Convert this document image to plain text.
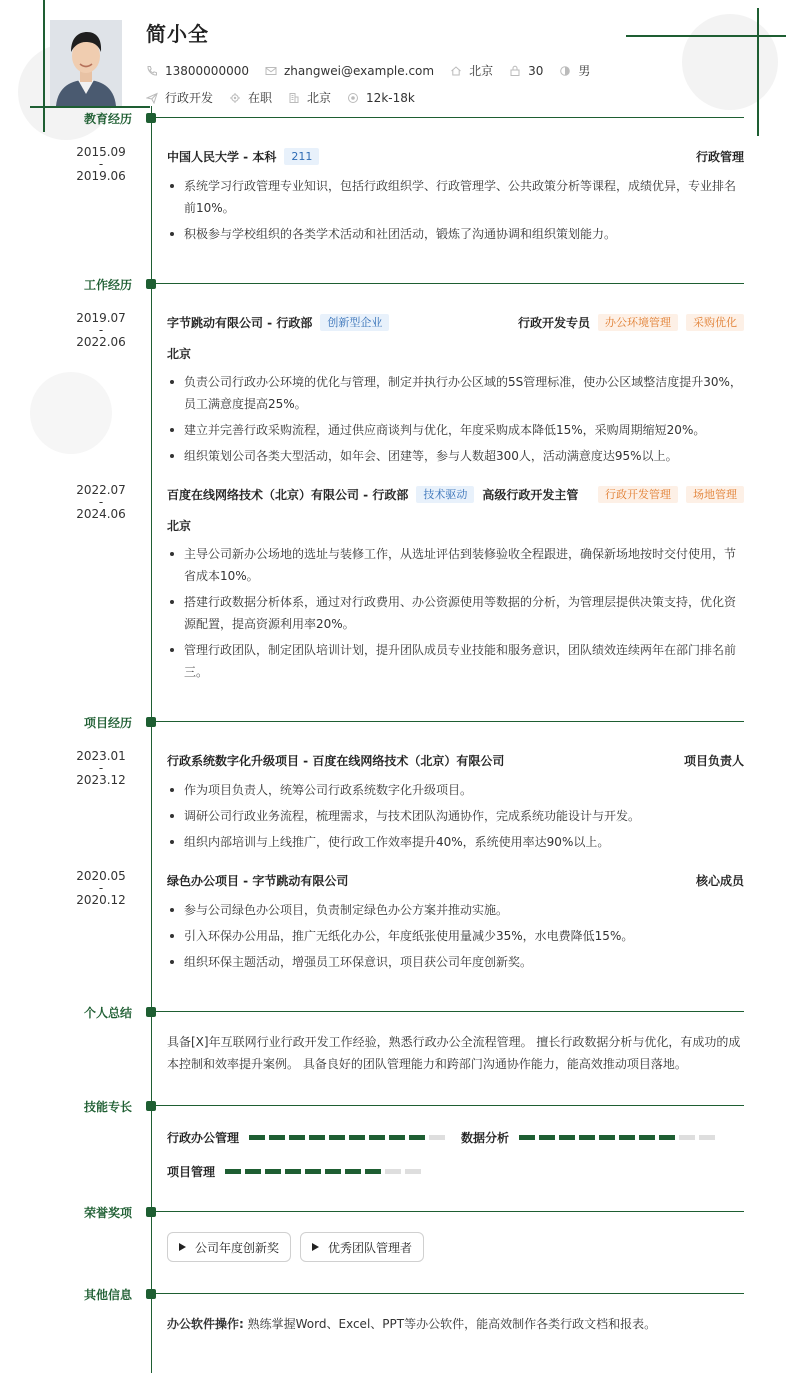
简小全
13800000000	zhangwei@example.com	北京	30	男
行政开发	在职	北京	12k-18k
教育经历
2015.09
-
2019.06
中国人民大学 - 本科	211	行政管理
系统学习行政管理专业知识，包括行政组织学、行政管理学、公共政策分析等课程，成绩优异，专业排名前10%。
积极参与学校组织的各类学术活动和社团活动，锻炼了沟通协调和组织策划能力。
工作经历
2019.07
-
2022.06
字节跳动有限公司 - 行政部	创新型企业	行政开发专员	办公环境管理	采购优化
北京
负责公司行政办公环境的优化与管理，制定并执行办公区域的5S管理标准，使办公区域整洁度提升30%，员工满意度提高25%。
建立并完善行政采购流程，通过供应商谈判与优化，年度采购成本降低15%，采购周期缩短20%。
组织策划公司各类大型活动，如年会、团建等，参与人数超300人，活动满意度达95%以上。
2022.07
-
2024.06
百度在线网络技术（北京）有限公司 - 行政部	技术驱动	高级行政开发主管	行政开发管理	场地管理
北京
主导公司新办公场地的选址与装修工作，从选址评估到装修验收全程跟进，确保新场地按时交付使用，节省成本10%。
搭建行政数据分析体系，通过对行政费用、办公资源使用等数据的分析，为管理层提供决策支持，优化资源配置，提高资源利用率20%。
管理行政团队，制定团队培训计划，提升团队成员专业技能和服务意识，团队绩效连续两年在部门排名前三。
项目经历
2023.01
-
2023.12
行政系统数字化升级项目 - 百度在线网络技术（北京）有限公司	项目负责人
作为项目负责人，统筹公司行政系统数字化升级项目。
调研公司行政业务流程，梳理需求，与技术团队沟通协作，完成系统功能设计与开发。
组织内部培训与上线推广，使行政工作效率提升40%，系统使用率达90%以上。
2020.05
-
2020.12
绿色办公项目 - 字节跳动有限公司	核心成员
参与公司绿色办公项目，负责制定绿色办公方案并推动实施。
引入环保办公用品，推广无纸化办公，年度纸张使用量减少35%，水电费降低15%。
组织环保主题活动，增强员工环保意识，项目获公司年度创新奖。
个人总结

具备[X]年互联网行业行政开发工作经验，熟悉行政办公全流程管理。 擅长行政数据分析与优化，有成功的成本控制和效率提升案例。 具备良好的团队管理能力和跨部门沟通协作能力，能高效推动项目落地。

技能专长
行政办公管理	数据分析
项目管理
荣誉奖项
公司年度创新奖	优秀团队管理者
其他信息
办公软件操作: 熟练掌握Word、Excel、PPT等办公软件，能高效制作各类行政文档和报表。
